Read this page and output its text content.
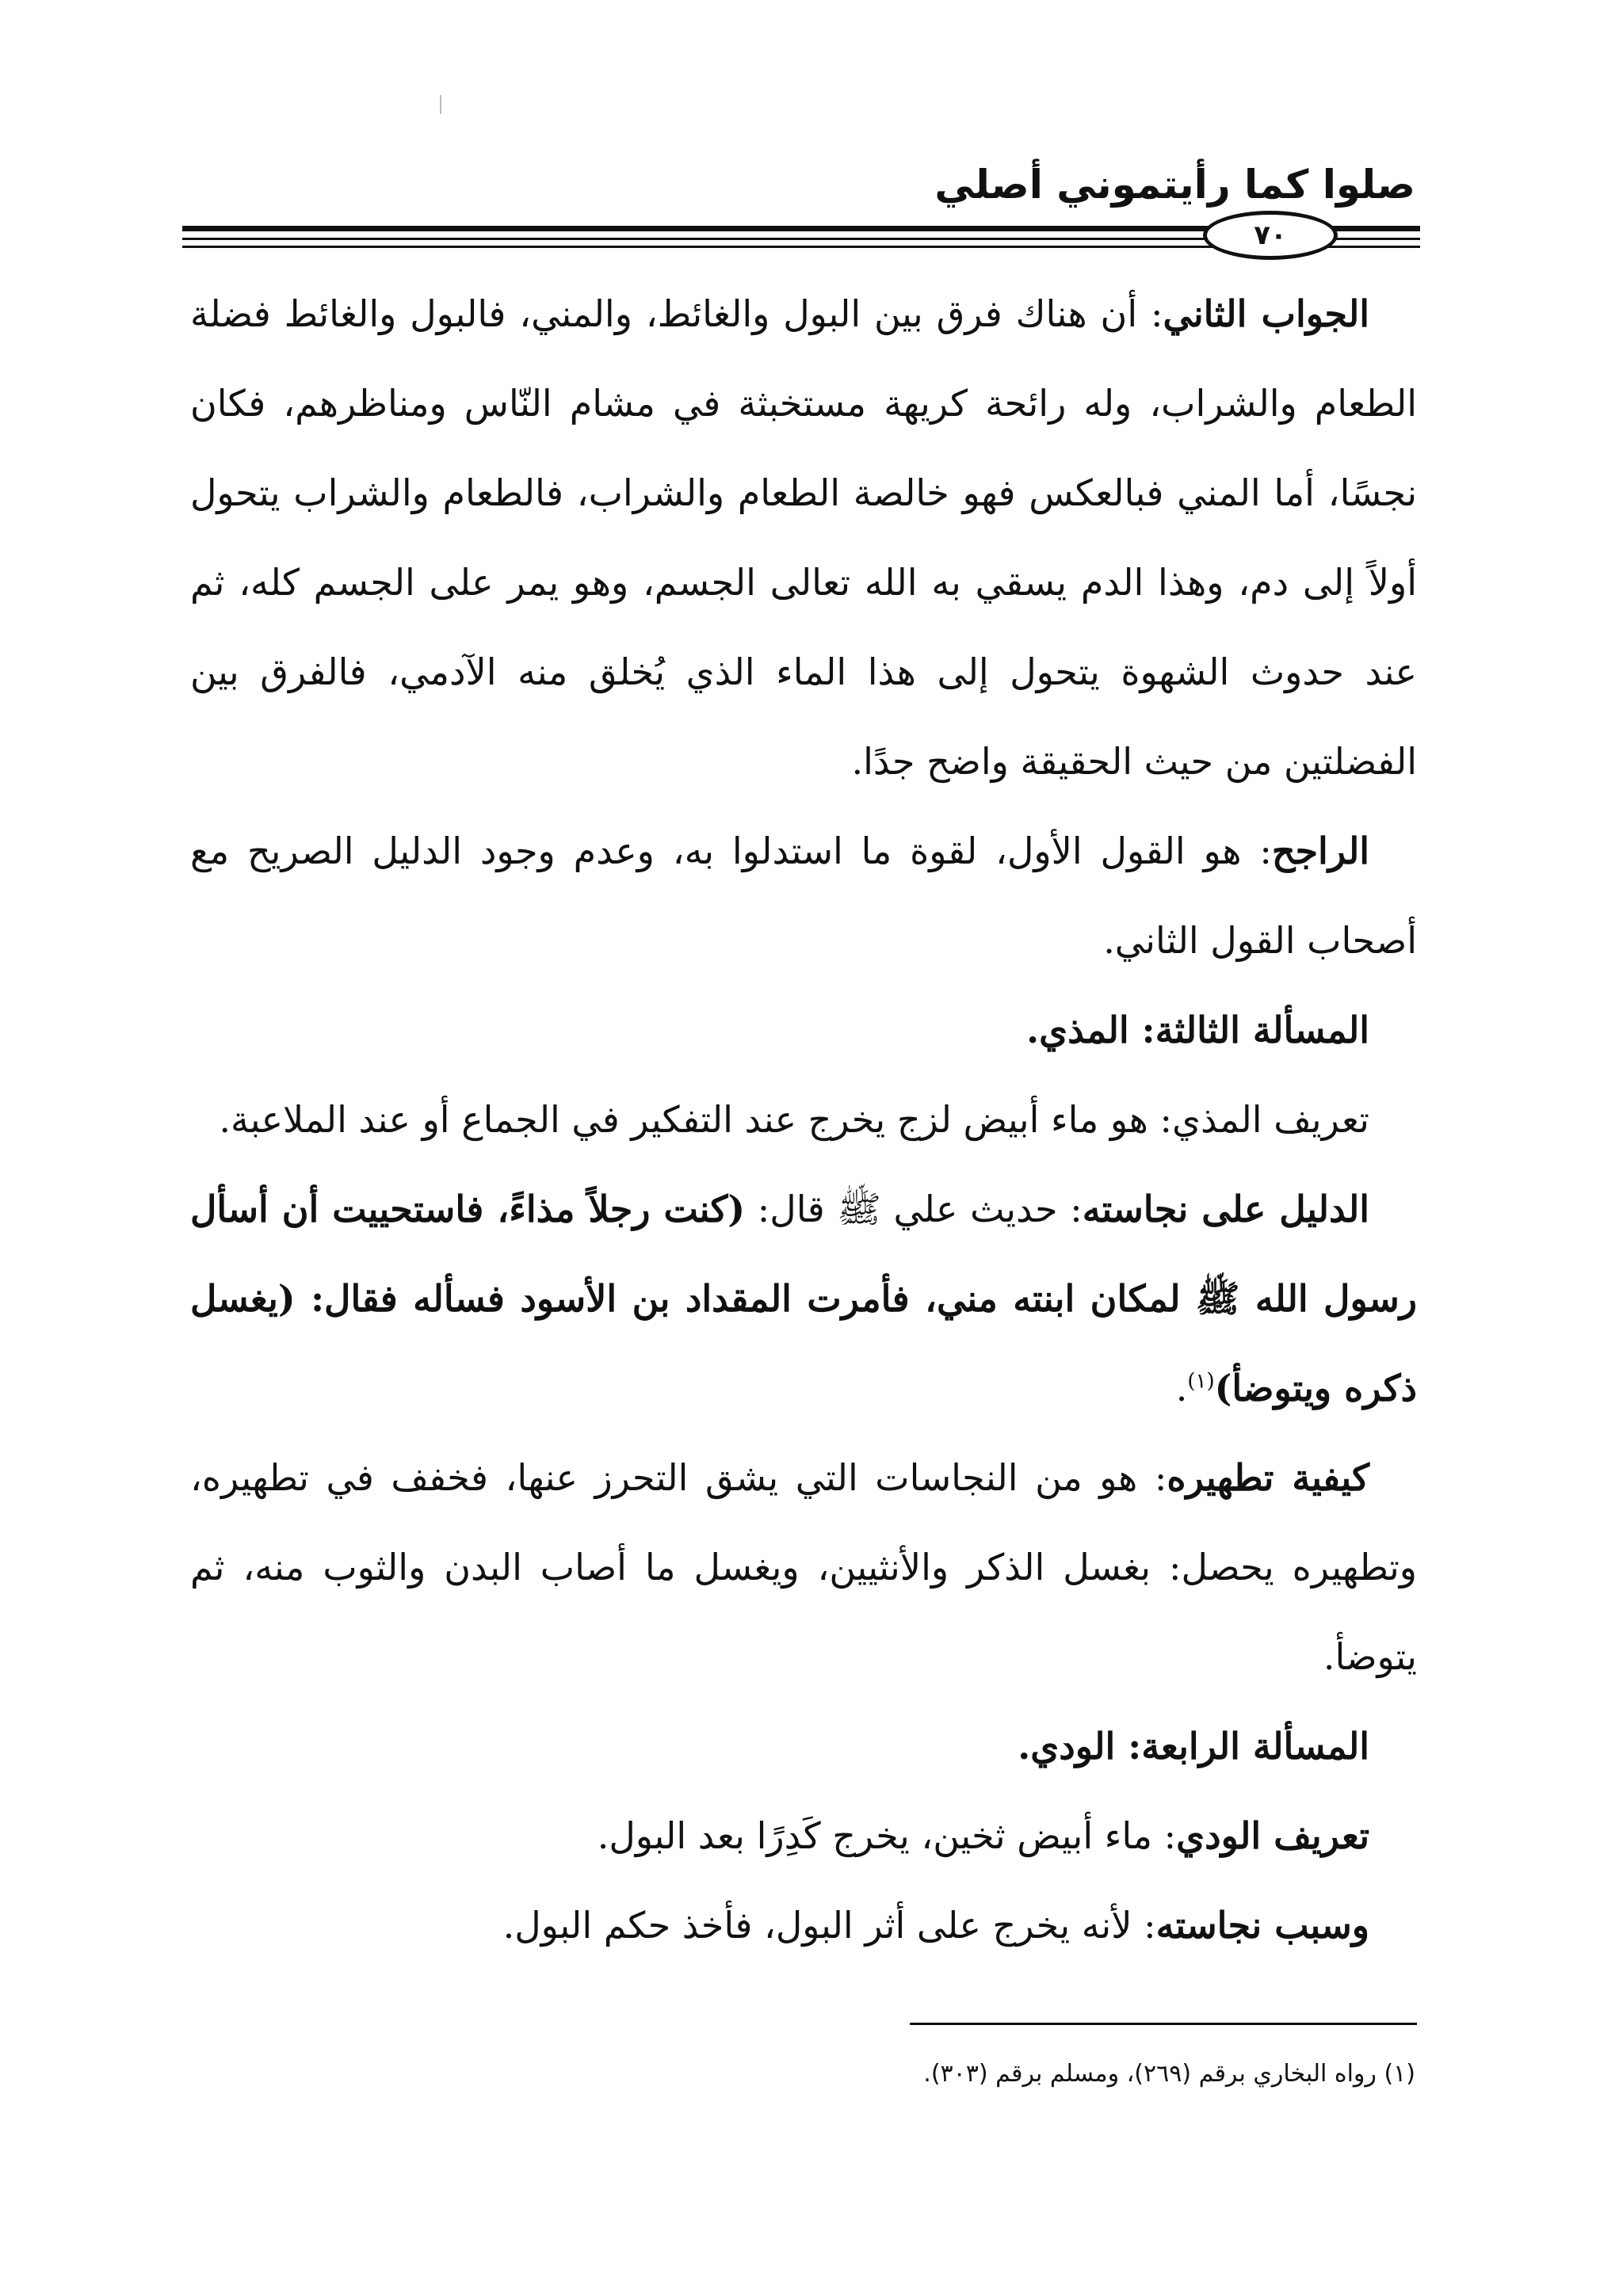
صلوا كما رأيتموني أصلي
٧٠

الجواب الثاني: أن هناك فرق بين البول والغائط، والمني، فالبول والغائط فضلة الطعام والشراب، وله رائحة كريهة مستخبثة في مشام النّاس ومناظرهم، فكان نجسًا، أما المني فبالعكس فهو خالصة الطعام والشراب، فالطعام والشراب يتحول أولاً إلى دم، وهذا الدم يسقي به الله تعالى الجسم، وهو يمر على الجسم كله، ثم عند حدوث الشهوة يتحول إلى هذا الماء الذي يُخلق منه الآدمي، فالفرق بين الفضلتين من حيث الحقيقة واضح جدًا.

الراجح: هو القول الأول، لقوة ما استدلوا به، وعدم وجود الدليل الصريح مع أصحاب القول الثاني.

المسألة الثالثة: المذي.

تعريف المذي: هو ماء أبيض لزج يخرج عند التفكير في الجماع أو عند الملاعبة.

الدليل على نجاسته: حديث علي ﷺ قال: (كنت رجلاً مذاءً، فاستحييت أن أسأل رسول الله ﷺ لمكان ابنته مني، فأمرت المقداد بن الأسود فسأله فقال: (يغسل ذكره ويتوضأ)$^{(١)}$.

كيفية تطهيره: هو من النجاسات التي يشق التحرز عنها، فخفف في تطهيره، وتطهيره يحصل: بغسل الذكر والأنثيين، ويغسل ما أصاب البدن والثوب منه، ثم يتوضأ.

المسألة الرابعة: الودي.

تعريف الودي: ماء أبيض ثخين، يخرج كَدِرًا بعد البول.

وسبب نجاسته: لأنه يخرج على أثر البول، فأخذ حكم البول.

(١) رواه البخاري برقم (٢٦٩)، ومسلم برقم (٣٠٣).
